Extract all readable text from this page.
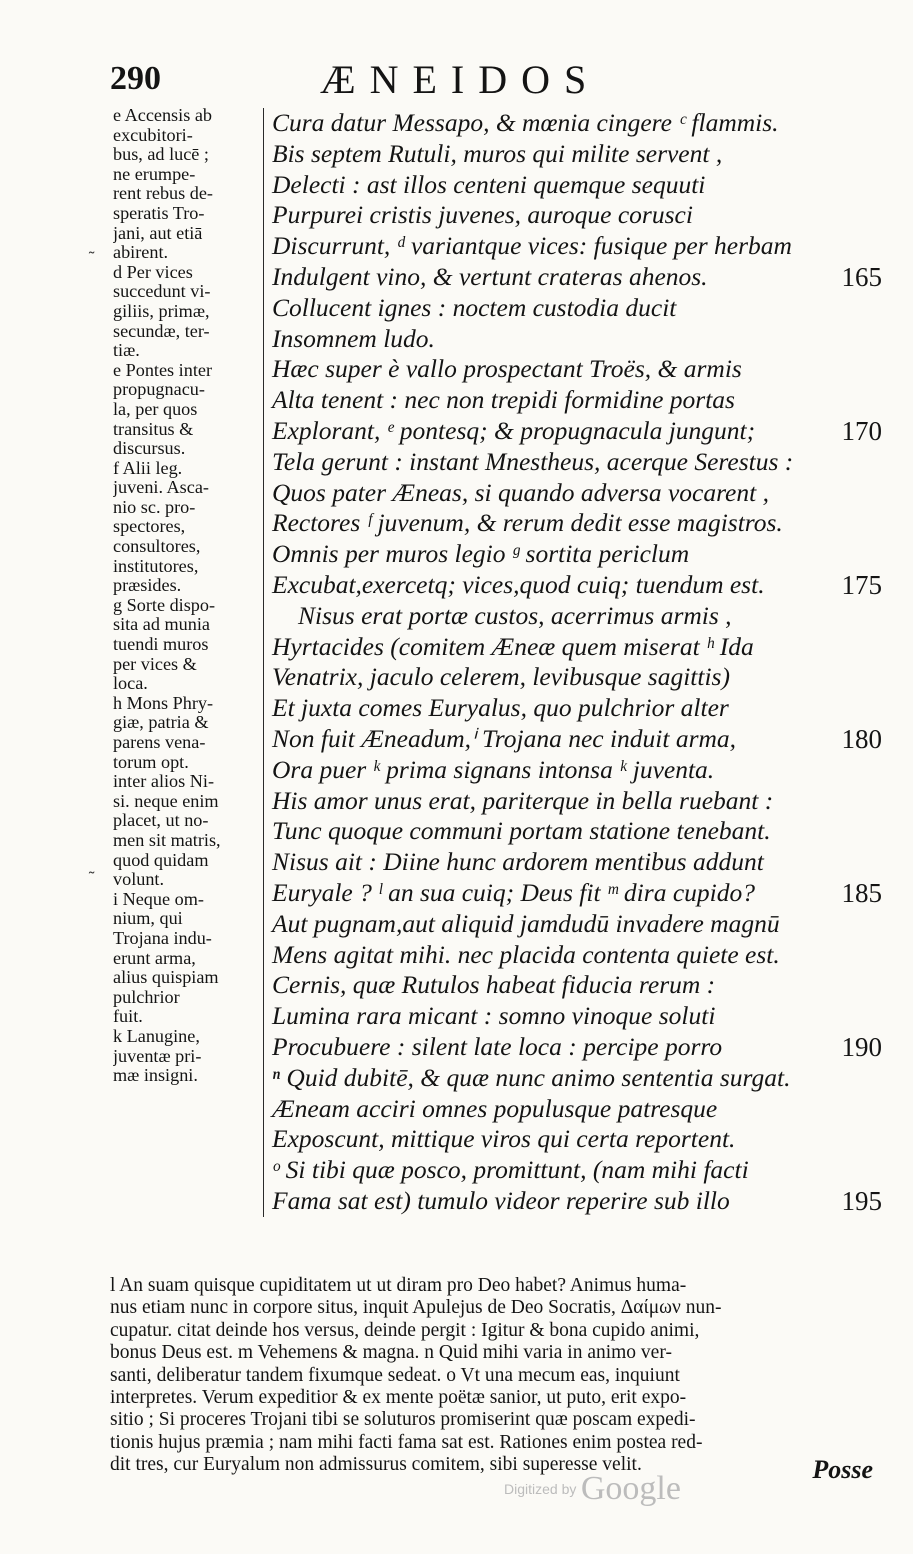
290	ÆNEIDOS
˜
˜
e Accensis ab
excubitori-
bus, ad lucē ;
ne erumpe-
rent rebus de-
speratis Tro-
jani, aut etiā
abirent.
d Per vices
succedunt vi-
giliis, primæ,
secundæ, ter-
tiæ.
e Pontes inter
propugnacu-
la, per quos
transitus &
discursus.
f Alii leg.
juveni. Asca-
nio sc. pro-
spectores,
consultores,
institutores,
præsides.
g Sorte dispo-
sita ad munia
tuendi muros
per vices &
loca.
h Mons Phry-
giæ, patria &
parens vena-
torum opt.
inter alios Ni-
si. neque enim
placet, ut no-
men sit matris,
quod quidam
volunt.
i Neque om-
nium, qui
Trojana indu-
erunt arma,
alius quispiam
pulchrior
fuit.
k Lanugine,
juventæ pri-
mæ insigni.
Cura datur Messapo, & mœnia cingere ᶜ flammis.
Bis septem Rutuli, muros qui milite servent ,
Delecti : ast illos centeni quemque sequuti
Purpurei cristis juvenes, auroque corusci
Discurrunt, ᵈ variantque vices: fusique per herbam
Indulgent vino, & vertunt crateras ahenos.	165
Collucent ignes : noctem custodia ducit
Insomnem ludo.
Hæc super è vallo prospectant Troës, & armis
Alta tenent : nec non trepidi formidine portas
Explorant, ᵉ pontesq; & propugnacula jungunt;	170
Tela gerunt : instant Mnestheus, acerque Serestus :
Quos pater Æneas, si quando adversa vocarent ,
Rectores ᶠ juvenum, & rerum dedit esse magistros.
Omnis per muros legio ᵍ sortita periclum
Excubat,exercetq; vices,quod cuiq; tuendum est.	175
Nisus erat portæ custos, acerrimus armis ,
Hyrtacides (comitem Æneæ quem miserat ʰ Ida
Venatrix, jaculo celerem, levibusque sagittis)
Et juxta comes Euryalus, quo pulchrior alter
Non fuit Æneadum,ⁱ Trojana nec induit arma,	180
Ora puer ᵏ prima signans intonsa ᵏ juventa.
His amor unus erat, pariterque in bella ruebant :
Tunc quoque communi portam statione tenebant.
Nisus ait : Diine hunc ardorem mentibus addunt
Euryale ? ˡ an sua cuiq; Deus fit ᵐ dira cupido?	185
Aut pugnam,aut aliquid jamdudū invadere magnū
Mens agitat mihi. nec placida contenta quiete est.
Cernis, quæ Rutulos habeat fiducia rerum :
Lumina rara micant : somno vinoque soluti
Procubuere : silent late loca : percipe porro	190
ⁿ Quid dubitē, & quæ nunc animo sententia surgat.
Æneam acciri omnes populusque patresque
Exposcunt, mittique viros qui certa reportent.
ᵒ Si tibi quæ posco, promittunt, (nam mihi facti
Fama sat est) tumulo videor reperire sub illo	195
l An suam quisque cupiditatem ut ut diram pro Deo habet? Animus huma-
nus etiam nunc in corpore situs, inquit Apulejus de Deo Socratis, Δαίμων nun-
cupatur. citat deinde hos versus, deinde pergit : Igitur & bona cupido animi,
bonus Deus est. m Vehemens & magna. n Quid mihi varia in animo ver-
santi, deliberatur tandem fixumque sedeat. o Vt una mecum eas, inquiunt
interpretes. Verum expeditior & ex mente poëtæ sanior, ut puto, erit expo-
sitio ; Si proceres Trojani tibi se soluturos promiserint quæ poscam expedi-
tionis hujus præmia ; nam mihi facti fama sat est. Rationes enim postea red-
dit tres, cur Euryalum non admissurus comitem, sibi superesse velit.	Posse
Digitized by Google
